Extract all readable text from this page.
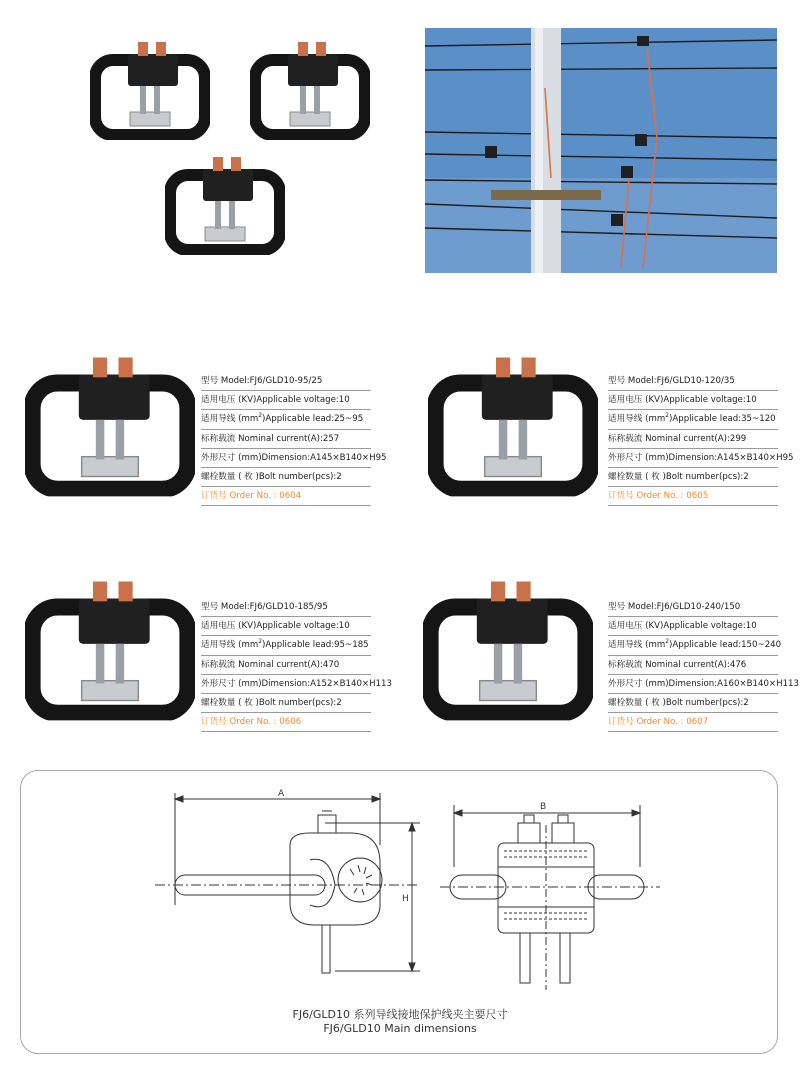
型号 Model:FJ6/GLD10-95/25
适用电压 (KV)Applicable voltage:10
适用导线 $(mm^2)Applicable$ lead:25~95
标称载流 Nominal current(A):257
外形尺寸 (mm)Dimension:A145×B140×H95
螺栓数量 ( 枚 )Bolt number(pcs):2
订货号 Order No. : 0604
型号 Model:FJ6/GLD10-120/35
适用电压 (KV)Applicable voltage:10
适用导线 $(mm^2)Applicable$ lead:35~120
标称载流 Nominal current(A):299
外形尺寸 (mm)Dimension:A145×B140×H95
螺栓数量 ( 枚 )Bolt number(pcs):2
订货号 Order No. : 0605
型号 Model:FJ6/GLD10-185/95
适用电压 (KV)Applicable voltage:10
适用导线 $(mm^2)Applicable$ lead:95~185
标称载流 Nominal current(A):470
外形尺寸 (mm)Dimension:A152×B140×H113
螺栓数量 ( 枚 )Bolt number(pcs):2
订货号 Order No. : 0606
型号 Model:FJ6/GLD10-240/150
适用电压 (KV)Applicable voltage:10
适用导线 $(mm^2)Applicable$ lead:150~240
标称载流 Nominal current(A):476
外形尺寸 (mm)Dimension:A160×B140×H113
螺栓数量 ( 枚 )Bolt number(pcs):2
订货号 Order No. : 0607
A
H
B
FJ6/GLD10 系列导线接地保护线夹主要尺寸
FJ6/GLD10 Main dimensions
